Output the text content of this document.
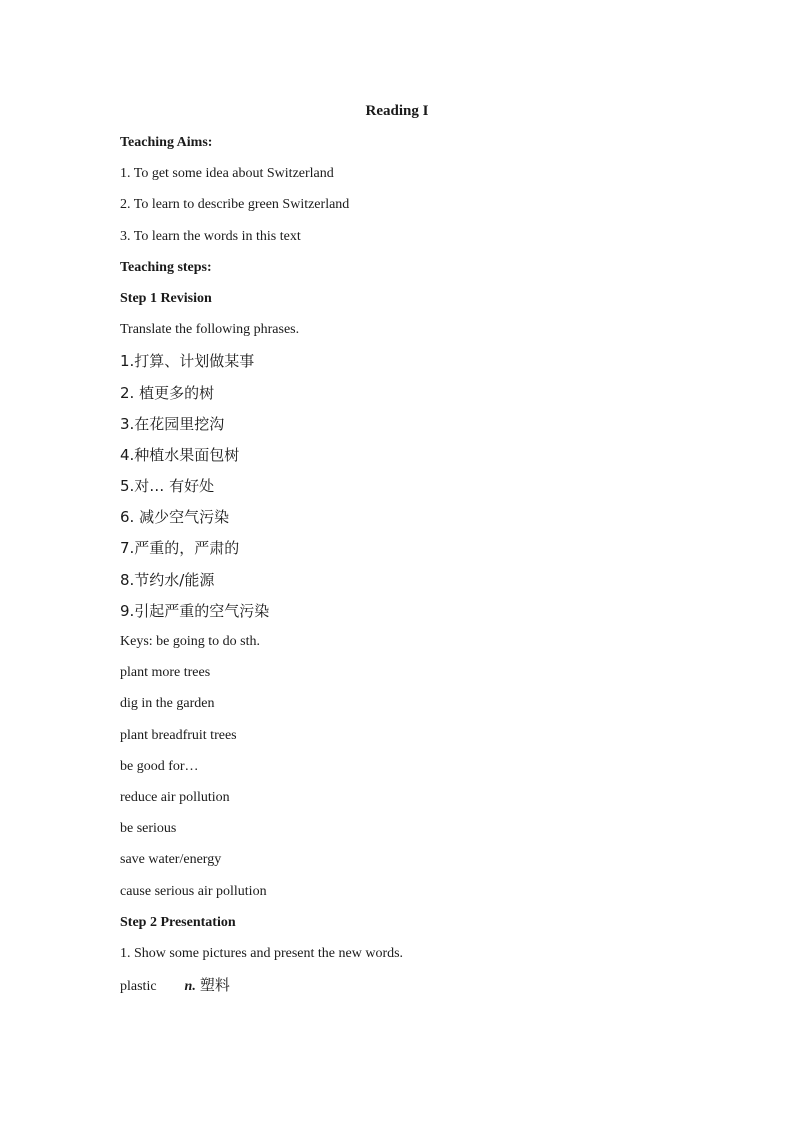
Reading I
Teaching Aims:
1. To get some idea about Switzerland
2. To learn to describe green Switzerland
3. To learn the words in this text
Teaching steps:
Step 1 Revision
Translate the following phrases.
1.打算、计划做某事
2. 植更多的树
3.在花园里挖沟
4.种植水果面包树
5.对… 有好处
6. 减少空气污染
7.严重的，严肃的
8.节约水/能源
9.引起严重的空气污染
Keys: be going to do sth.
plant more trees
dig in the garden
plant breadfruit trees
be good for…
reduce air pollution
be serious
save water/energy
cause serious air pollution
Step 2 Presentation
1. Show some pictures and present the new words.
plastic n. 塑料
